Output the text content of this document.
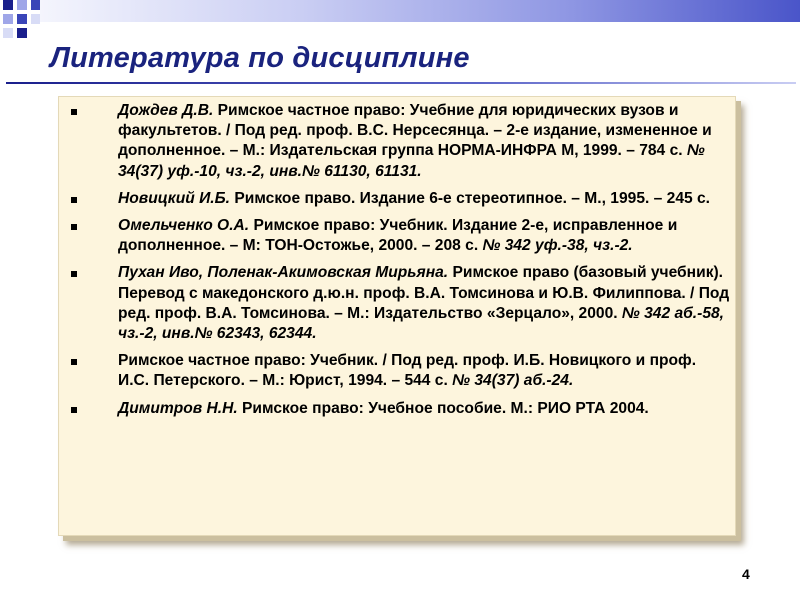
Литература по дисциплине
Дождев Д.В. Римское частное право: Учебние для юридических вузов и факультетов. / Под ред. проф. В.С. Нерсесянца. – 2-е издание, измененное и дополненное. – М.: Издательская группа НОРМА-ИНФРА М, 1999. – 784 с. № 34(37) уф.-10, чз.-2, инв.№ 61130, 61131.
Новицкий И.Б. Римское право. Издание 6-е стереотипное. – М., 1995. – 245 с.
Омельченко О.А. Римское право: Учебник. Издание 2-е, исправленное и дополненное. – М: ТОН-Остожье, 2000. – 208 с. № 342 уф.-38, чз.-2.
Пухан Иво, Поленак-Акимовская Мирьяна. Римское право (базовый учебник). Перевод с македонского д.ю.н. проф. В.А. Томсинова и Ю.В. Филиппова. / Под ред. проф. В.А. Томсинова. – М.: Издательство «Зерцало», 2000. № 342 аб.-58, чз.-2, инв.№ 62343, 62344.
Римское частное право: Учебник. / Под ред. проф. И.Б. Новицкого и проф. И.С. Петерского. – М.: Юрист, 1994. – 544 с. № 34(37) аб.-24.
Димитров Н.Н. Римское право: Учебное пособие. М.: РИО РТА 2004.
4
